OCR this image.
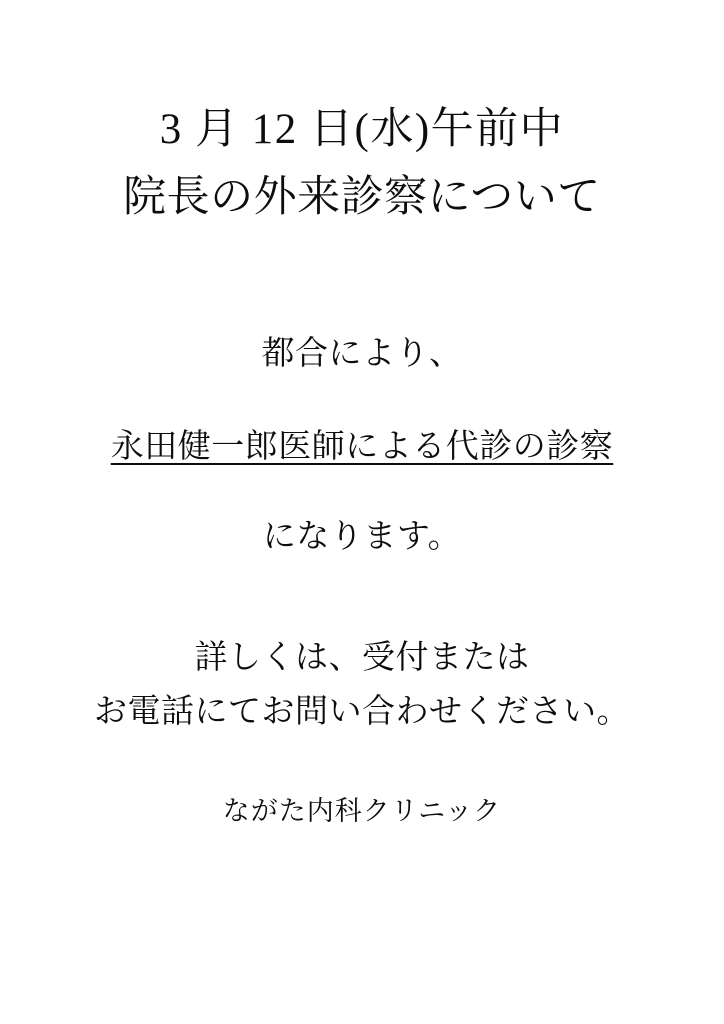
3 月 12 日(水)午前中
院長の外来診察について
都合により、
永田健一郎医師による代診の診察
になります。
詳しくは、受付または
お電話にてお問い合わせください。
ながた内科クリニック
